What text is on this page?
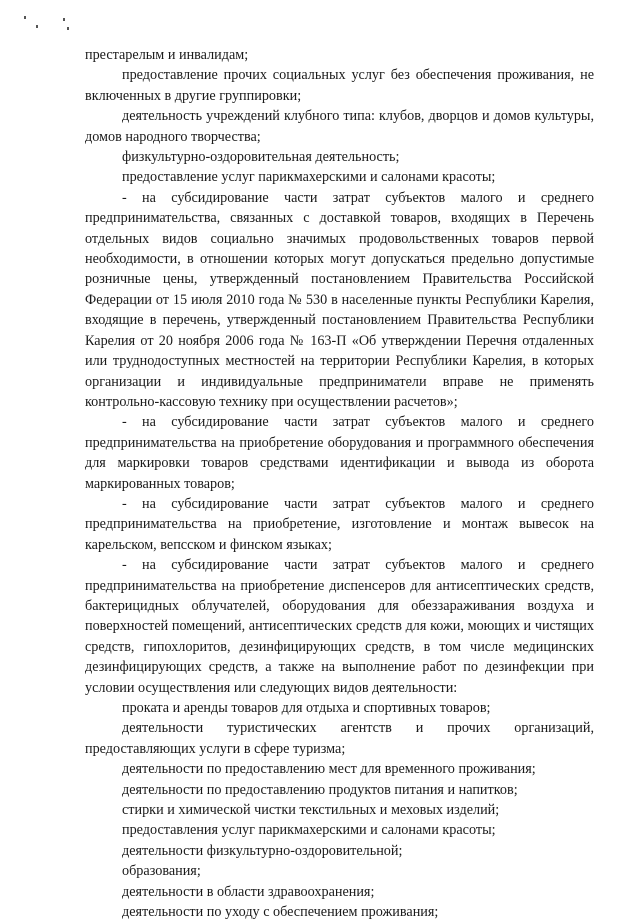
престарелым и инвалидам;

предоставление прочих социальных услуг без обеспечения проживания, не включенных в другие группировки;

деятельность учреждений клубного типа: клубов, дворцов и домов культуры, домов народного творчества;

физкультурно-оздоровительная деятельность;

предоставление услуг парикмахерскими и салонами красоты;

- на субсидирование части затрат субъектов малого и среднего предпринимательства, связанных с доставкой товаров, входящих в Перечень отдельных видов социально значимых продовольственных товаров первой необходимости, в отношении которых могут допускаться предельно допустимые розничные цены, утвержденный постановлением Правительства Российской Федерации от 15 июля 2010 года № 530 в населенные пункты Республики Карелия, входящие в перечень, утвержденный постановлением Правительства Республики Карелия от 20 ноября 2006 года № 163-П «Об утверждении Перечня отдаленных или труднодоступных местностей на территории Республики Карелия, в которых организации и индивидуальные предприниматели вправе не применять контрольно-кассовую технику при осуществлении расчетов»;

- на субсидирование части затрат субъектов малого и среднего предпринимательства на приобретение оборудования и программного обеспечения для маркировки товаров средствами идентификации и вывода из оборота маркированных товаров;

- на субсидирование части затрат субъектов малого и среднего предпринимательства на приобретение, изготовление и монтаж вывесок на карельском, вепсском и финском языках;

- на субсидирование части затрат субъектов малого и среднего предпринимательства на приобретение диспенсеров для антисептических средств, бактерицидных облучателей, оборудования для обеззараживания воздуха и поверхностей помещений, антисептических средств для кожи, моющих и чистящих средств, гипохлоритов, дезинфицирующих средств, в том числе медицинских дезинфицирующих средств, а также на выполнение работ по дезинфекции при условии осуществления или следующих видов деятельности:

проката и аренды товаров для отдыха и спортивных товаров;

деятельности туристических агентств и прочих организаций, предоставляющих услуги в сфере туризма;

деятельности по предоставлению мест для временного проживания;

деятельности по предоставлению продуктов питания и напитков;

стирки и химической чистки текстильных и меховых изделий;

предоставления услуг парикмахерскими и салонами красоты;

деятельности физкультурно-оздоровительной;

образования;

деятельности в области здравоохранения;

деятельности по уходу с обеспечением проживания;
